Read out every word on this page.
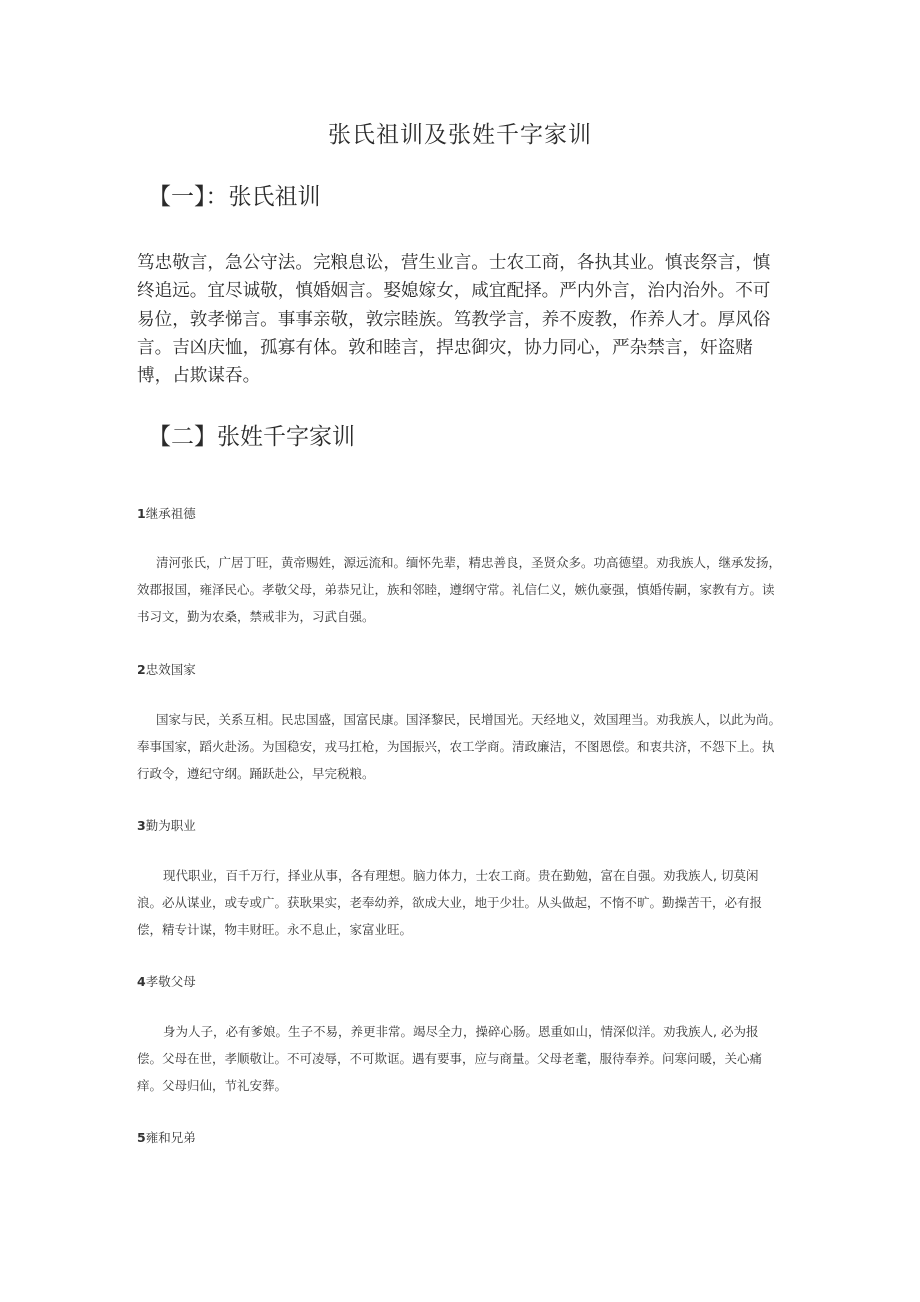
张氏祖训及张姓千字家训
【一】：张氏祖训
笃忠敬言，急公守法。完粮息讼，营生业言。士农工商，各执其业。慎丧祭言，慎终追远。宜尽诚敬，慎婚姻言。娶媳嫁女，咸宜配择。严内外言，治内治外。不可易位，敦孝悌言。事事亲敬，敦宗睦族。笃教学言，养不废教，作养人才。厚风俗言。吉凶庆恤，孤寡有体。敦和睦言，捍忠御灾，协力同心，严杂禁言，奸盗赌博，占欺谋吞。
【二】张姓千字家训
1继承祖德
清河张氏，广居丁旺，黄帝赐姓，源远流和。缅怀先辈，精忠善良，圣贤众多。功高德望。劝我族人，继承发扬，效郡报国，雍泽民心。孝敬父母，弟恭兄让，族和邻睦，遵纲守常。礼信仁义，嫉仇豪强，慎婚传嗣，家教有方。读书习文，勤为农桑，禁戒非为，习武自强。
2忠效国家
国家与民，关系互相。民忠国盛，国富民康。国泽黎民，民增国光。天经地义，效国理当。劝我族人，以此为尚。奉事国家，蹈火赴汤。为国稳安，戎马扛枪，为国振兴，农工学商。清政廉洁，不图恩偿。和衷共济，不怨下上。执行政令，遵纪守纲。踊跃赴公，早完税粮。
3勤为职业
现代职业，百千万行，择业从事，各有理想。脑力体力，士农工商。贵在勤勉，富在自强。劝我族人, 切莫闲浪。必从谋业，或专或广。获耿果实，老奉幼养，欲成大业，地于少壮。从头做起，不惰不旷。勤操苦干，必有报偿，精专计谋，物丰财旺。永不息止，家富业旺。
4孝敬父母
身为人子，必有爹娘。生子不易，养更非常。竭尽全力，操碎心肠。恩重如山，情深似洋。劝我族人, 必为报偿。父母在世，孝顺敬让。不可凌辱，不可欺诓。遇有要事，应与商量。父母老耄，服待奉养。问寒问暖，关心痛痒。父母归仙，节礼安葬。
5雍和兄弟
